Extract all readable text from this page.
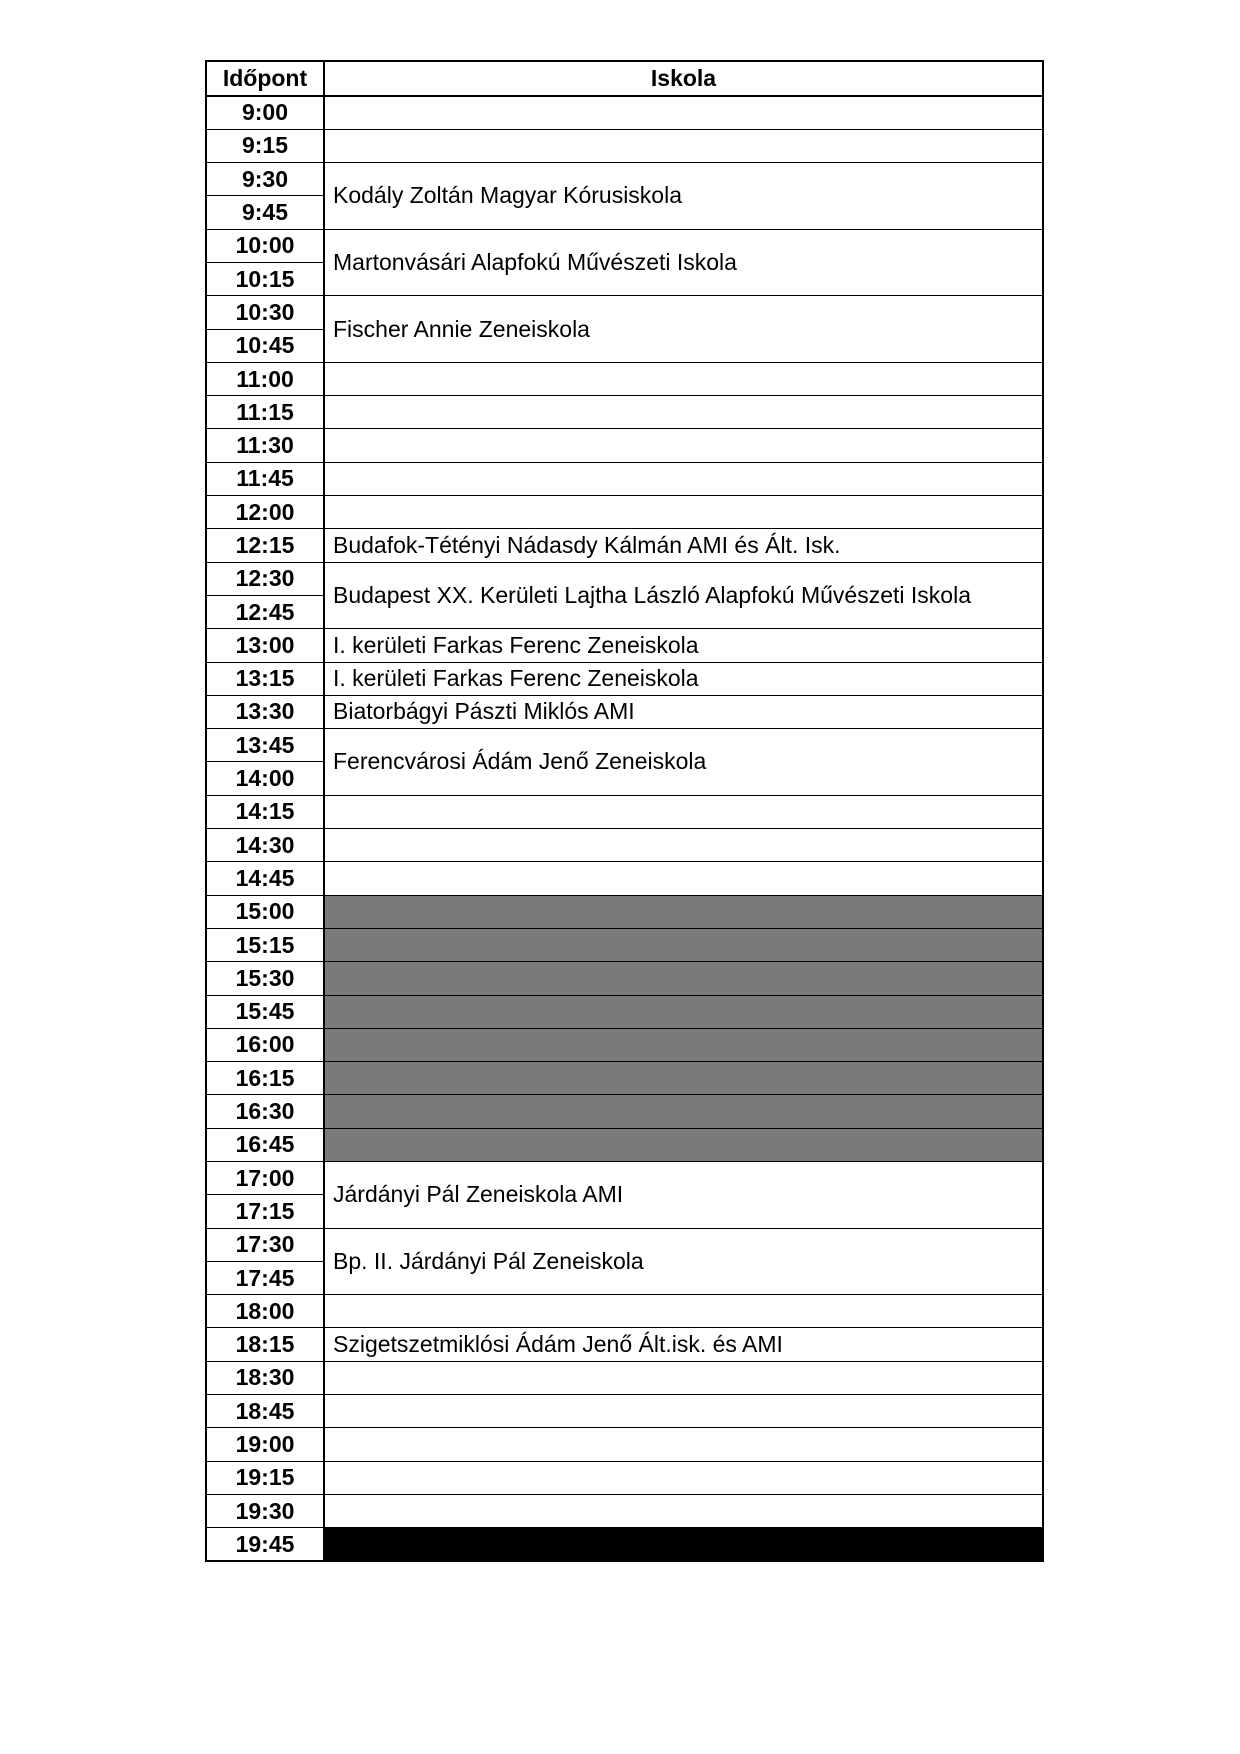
Időpont	Iskola
9:00	
9:15	
9:30	Kodály Zoltán Magyar Kórusiskola
9:45	
10:00	Martonvásári Alapfokú Művészeti Iskola
10:15	
10:30	Fischer Annie Zeneiskola
10:45	
11:00	
11:15	
11:30	
11:45	
12:00	
12:15	Budafok-Tétényi Nádasdy Kálmán AMI és Ált. Isk.
12:30	Budapest XX. Kerületi Lajtha László Alapfokú Művészeti Iskola
12:45	
13:00	I. kerületi Farkas Ferenc Zeneiskola
13:15	I. kerületi Farkas Ferenc Zeneiskola
13:30	Biatorbágyi Pászti Miklós AMI
13:45	Ferencvárosi Ádám Jenő Zeneiskola
14:00	
14:15	
14:30	
14:45	
15:00	
15:15	
15:30	
15:45	
16:00	
16:15	
16:30	
16:45	
17:00	Járdányi Pál Zeneiskola AMI
17:15	
17:30	Bp. II. Járdányi Pál Zeneiskola
17:45	
18:00	
18:15	Szigetszetmiklósi Ádám Jenő Ált.isk. és AMI
18:30	
18:45	
19:00	
19:15	
19:30	
19:45	
